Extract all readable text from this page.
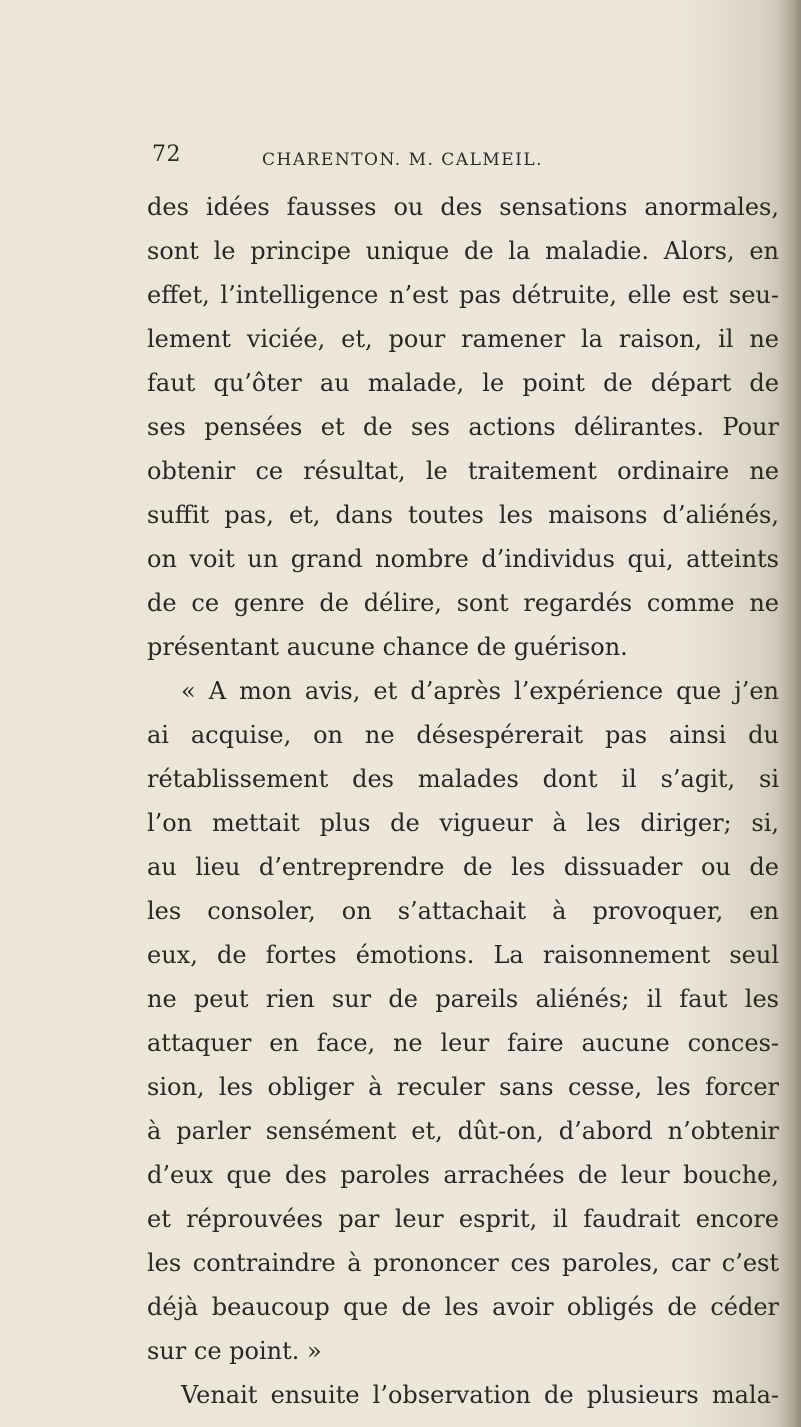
72	CHARENTON. M. CALMEIL.
des idées fausses ou des sensations anormales,
sont le principe unique de la maladie. Alors, en
effet, l’intelligence n’est pas détruite, elle est seu-
lement viciée, et, pour ramener la raison, il ne
faut qu’ôter au malade, le point de départ de
ses pensées et de ses actions délirantes. Pour
obtenir ce résultat, le traitement ordinaire ne
suffit pas, et, dans toutes les maisons d’aliénés,
on voit un grand nombre d’individus qui, atteints
de ce genre de délire, sont regardés comme ne
présentant aucune chance de guérison.
« A mon avis, et d’après l’expérience que j’en
ai acquise, on ne désespérerait pas ainsi du
rétablissement des malades dont il s’agit, si
l’on mettait plus de vigueur à les diriger; si,
au lieu d’entreprendre de les dissuader ou de
les consoler, on s’attachait à provoquer, en
eux, de fortes émotions. La raisonnement seul
ne peut rien sur de pareils aliénés; il faut les
attaquer en face, ne leur faire aucune conces-
sion, les obliger à reculer sans cesse, les forcer
à parler sensément et, dût-on, d’abord n’obtenir
d’eux que des paroles arrachées de leur bouche,
et réprouvées par leur esprit, il faudrait encore
les contraindre à prononcer ces paroles, car c’est
déjà beaucoup que de les avoir obligés de céder
sur ce point. »
Venait ensuite l’observation de plusieurs mala-
